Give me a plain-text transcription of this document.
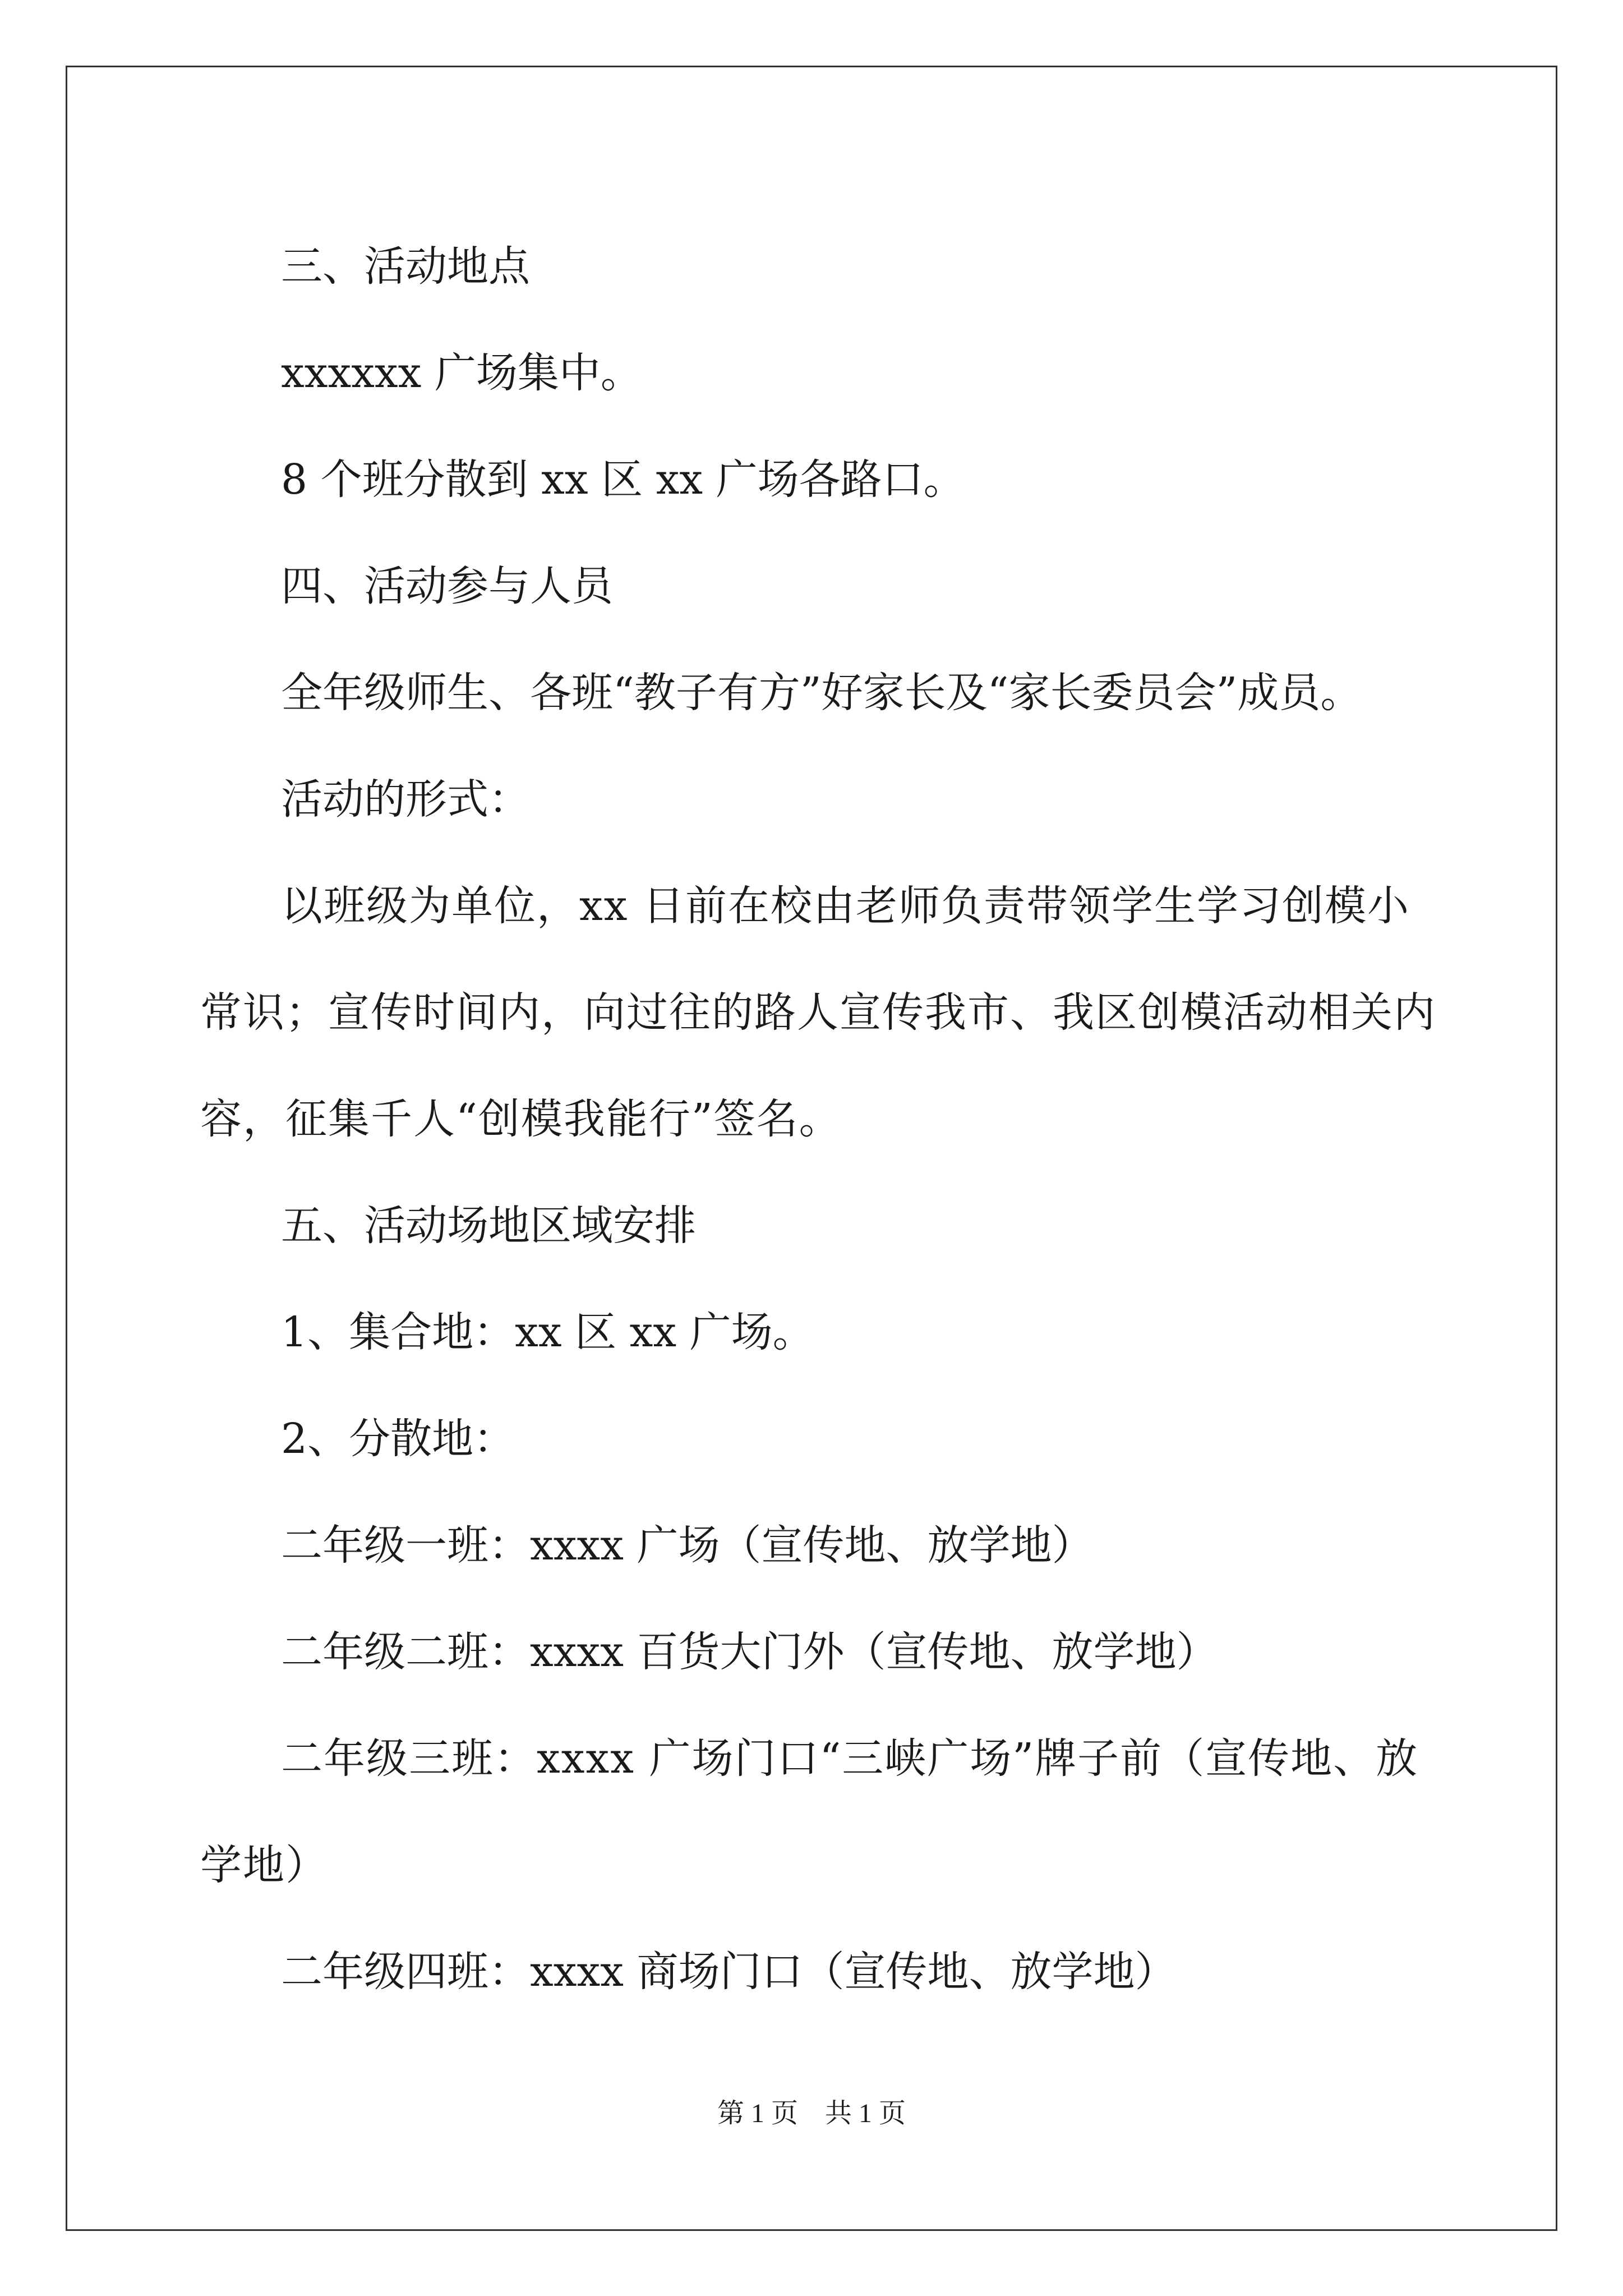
三、活动地点

xxxxxx 广场集中。

8 个班分散到 xx 区 xx 广场各路口。

四、活动参与人员

全年级师生、各班“教子有方”好家长及“家长委员会”成员。

活动的形式：

以班级为单位，xx 日前在校由老师负责带领学生学习创模小常识；宣传时间内，向过往的路人宣传我市、我区创模活动相关内容，征集千人“创模我能行”签名。

五、活动场地区域安排

1、集合地：xx 区 xx 广场。

2、分散地：

二年级一班：xxxx 广场（宣传地、放学地）

二年级二班：xxxx 百货大门外（宣传地、放学地）

二年级三班：xxxx 广场门口“三峡广场”牌子前（宣传地、放学地）

二年级四班：xxxx 商场门口（宣传地、放学地）

第 1 页　共 1 页
